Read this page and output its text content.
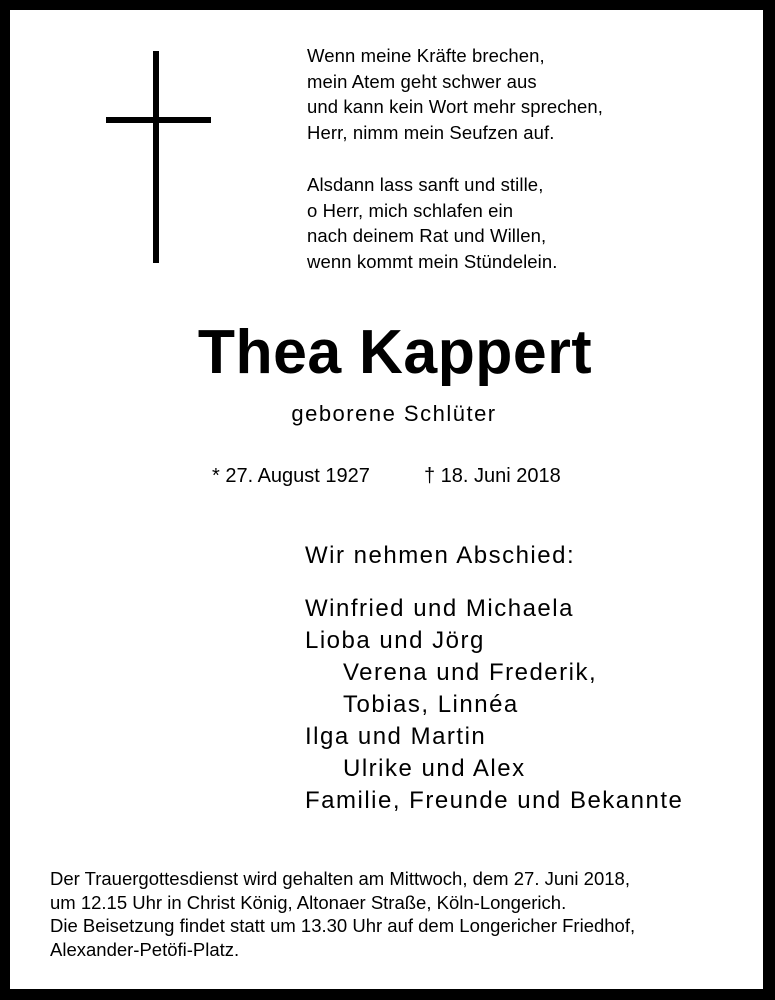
Wenn meine Kräfte brechen,
mein Atem geht schwer aus
und kann kein Wort mehr sprechen,
Herr, nimm mein Seufzen auf.
Alsdann lass sanft und stille,
o Herr, mich schlafen ein
nach deinem Rat und Willen,
wenn kommt mein Stündelein.
Thea Kappert
geborene Schlüter
* 27. August 1927	† 18. Juni 2018
Wir nehmen Abschied:
Winfried und Michaela
Lioba und Jörg
Verena und Frederik,
Tobias, Linnéa
Ilga und Martin
Ulrike und Alex
Familie, Freunde und Bekannte
Der Trauergottesdienst wird gehalten am Mittwoch, dem 27. Juni 2018,
um 12.15 Uhr in Christ König, Altonaer Straße, Köln-Longerich.
Die Beisetzung findet statt um 13.30 Uhr auf dem Longericher Friedhof,
Alexander-Petöfi-Platz.
